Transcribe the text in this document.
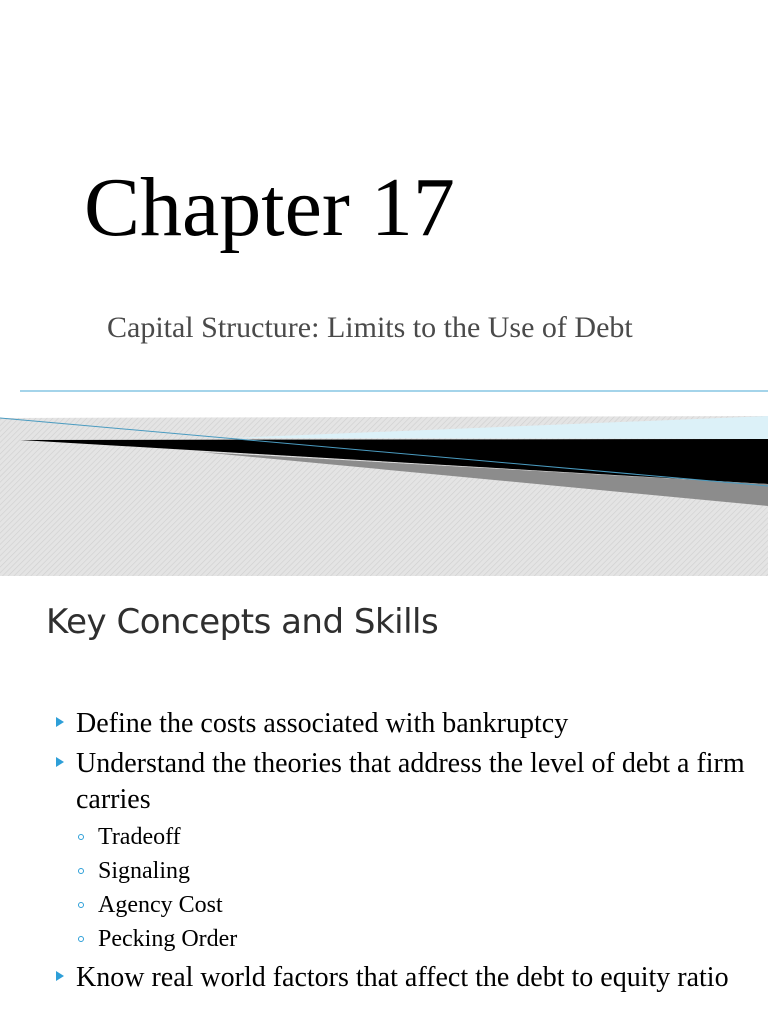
Chapter 17

Capital Structure: Limits to the Use of Debt

Key Concepts and Skills
Define the costs associated with bankruptcy
Understand the theories that address the level of debt a firm carries
Tradeoff
Signaling
Agency Cost
Pecking Order
Know real world factors that affect the debt to equity ratio
